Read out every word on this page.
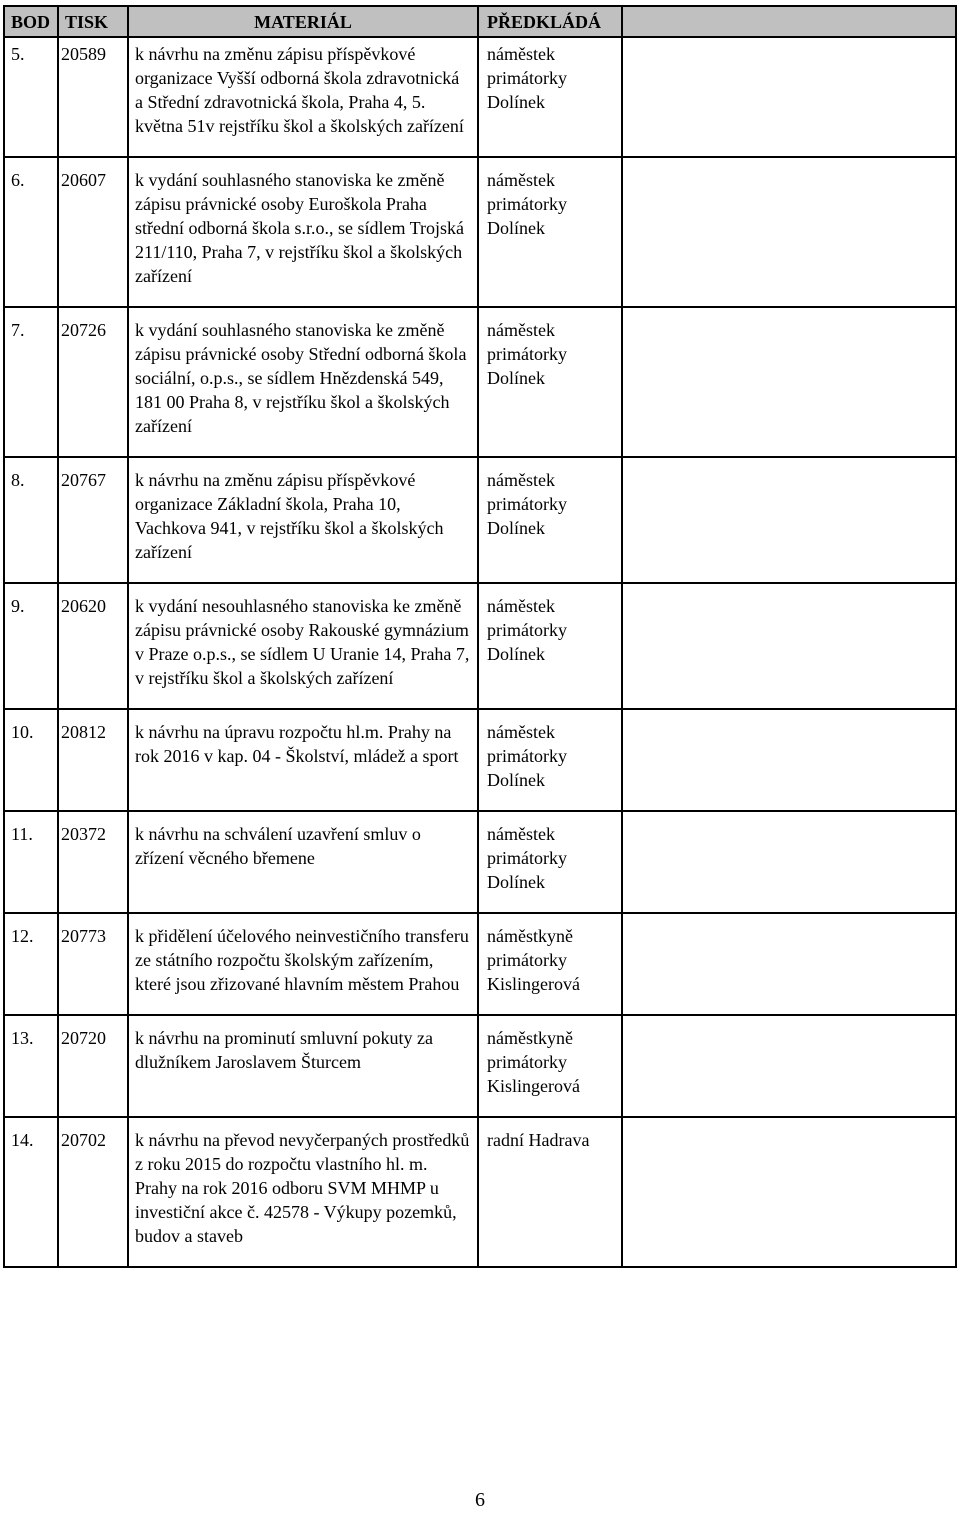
BOD	TISK	MATERIÁL	PŘEDKLÁDÁ	
5.	20589	k návrhu na změnu zápisu příspěvkové organizace Vyšší odborná škola zdravotnická a Střední zdravotnická škola, Praha 4, 5. května 51v rejstříku škol a školských zařízení	náměstek
primátorky
Dolínek	

6.	20607	k vydání souhlasného stanoviska ke změně zápisu právnické osoby Euroškola Praha střední odborná škola s.r.o., se sídlem Trojská 211/110, Praha 7, v rejstříku škol a školských zařízení	náměstek
primátorky
Dolínek	

7.	20726	k vydání souhlasného stanoviska ke změně zápisu právnické osoby Střední odborná škola sociální, o.p.s., se sídlem Hnězdenská 549, 181 00 Praha 8, v rejstříku škol a školských zařízení	náměstek
primátorky
Dolínek	

8.	20767	k návrhu na změnu zápisu příspěvkové organizace Základní škola, Praha 10, Vachkova 941, v rejstříku škol a školských zařízení	náměstek
primátorky
Dolínek	

9.	20620	k vydání nesouhlasného stanoviska ke změně zápisu právnické osoby Rakouské gymnázium v Praze o.p.s., se sídlem U Uranie 14, Praha 7, v rejstříku škol a školských zařízení	náměstek
primátorky
Dolínek	

10.	20812	k návrhu na úpravu rozpočtu hl.m. Prahy na rok 2016 v kap. 04 - Školství, mládež a sport	náměstek
primátorky
Dolínek	

11.	20372	k návrhu na schválení uzavření smluv o zřízení věcného břemene	náměstek
primátorky
Dolínek	

12.	20773	k přidělení účelového neinvestičního transferu ze státního rozpočtu školským zařízením, které jsou zřizované hlavním městem Prahou	náměstkyně
primátorky
Kislingerová	

13.	20720	k návrhu na prominutí smluvní pokuty za dlužníkem Jaroslavem Šturcem	náměstkyně
primátorky
Kislingerová	

14.	20702	k návrhu na převod nevyčerpaných prostředků z roku 2015 do rozpočtu vlastního hl. m. Prahy na rok 2016 odboru SVM MHMP u investiční akce č. 42578 - Výkupy pozemků, budov a staveb	radní Hadrava	

6
